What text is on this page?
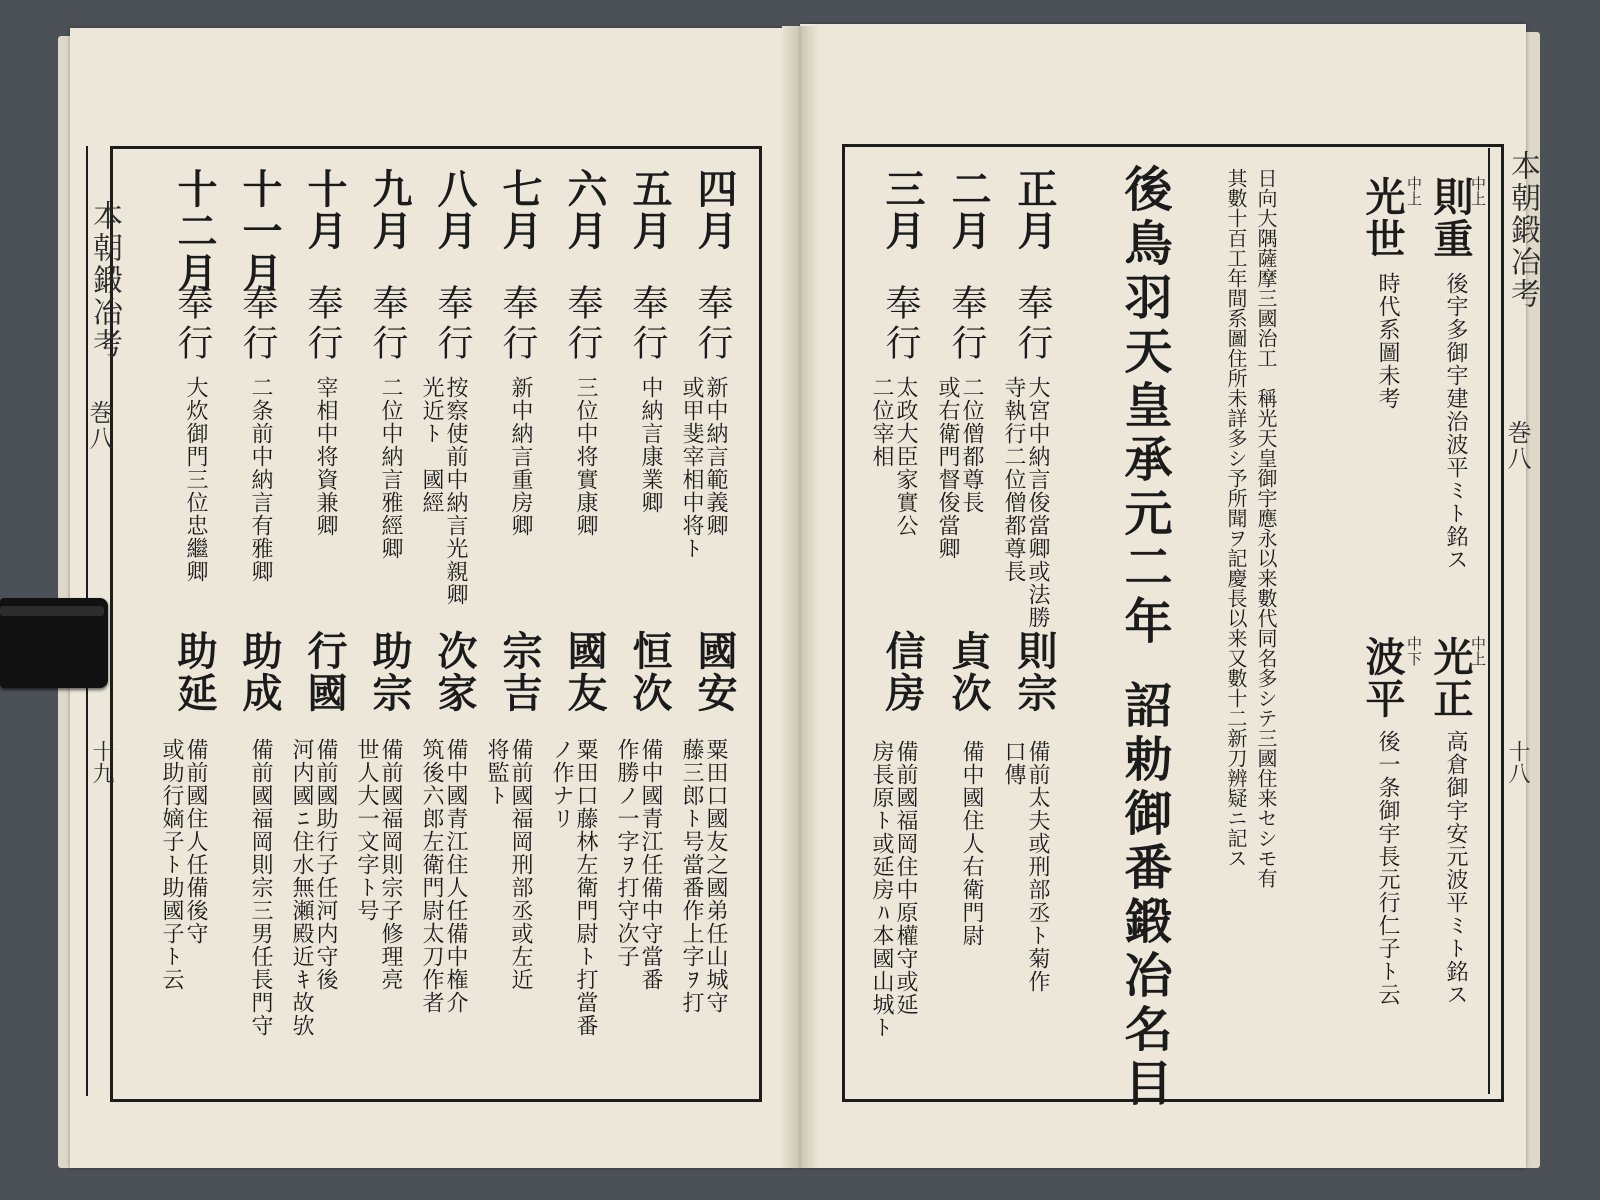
本朝鍛冶考
巻八
十九
四月
奉行
新中納言範義卿
或甲斐宰相中将ﾄ
國安
粟田口國友之國弟任山城守
藤三郎ﾄ号當番作上字ｦ打
五月
奉行
中納言康業卿
恒次
備中國青江任備中守當番
作勝ノ一字ｦ打守次子
六月
奉行
三位中将實康卿
國友
粟田口藤林左衛門尉ﾄ打當番
ノ作ナリ
七月
奉行
新中納言重房卿
宗吉
備前國福岡刑部丞或左近
将監ﾄ
八月
奉行
按察使前中納言光親卿
光近ﾄ　國經
次家
備中國青江住人任備中権介
筑後六郎左衛門尉太刀作者
九月
奉行
二位中納言雅經卿
助宗
備前國福岡則宗子修理亮
世人大一文字ﾄ号
十月
奉行
宰相中将資兼卿
行國
備前國助行子任河内守後
河内國ﾆ住水無瀬殿近ｷ故欤
十一月
奉行
二条前中納言有雅卿
助成
備前國福岡則宗三男任長門守
十二月
奉行
大炊御門三位忠繼卿
助延
備前國住人任備後守
或助行嫡子ﾄ助國子ﾄ云
本朝鍛冶考
巻八
十八
中上
則重
後宇多御宇建治波平ﾐﾄ銘ス
中上
光世
時代系圖未考
中上
光正
高倉御宇安元波平ﾐﾄ銘ス
中下
波平
後一条御宇長元行仁子ﾄ云
日向大隅薩摩三國治工　稱光天皇御宇應永以来數代同名多シテ三國住来セシモ有
其數十百工年間系圖住所未詳多シ予所聞ヲ記慶長以来又數十二新刀辨疑ニ記ス
後鳥羽天皇承元二年
詔勅御番鍛冶名目
正月
奉行
大宮中納言俊當卿或法勝
寺執行二位僧都尊長
則宗
備前太夫或刑部丞ﾄ菊作
口傳
二月
奉行
二位僧都尊長
或右衛門督俊當卿
貞次
備中國住人右衛門尉
三月
奉行
太政大臣家實公
二位宰相
信房
備前國福岡住中原權守或延
房長原ﾄ或延房ﾊ本國山城ﾄ
